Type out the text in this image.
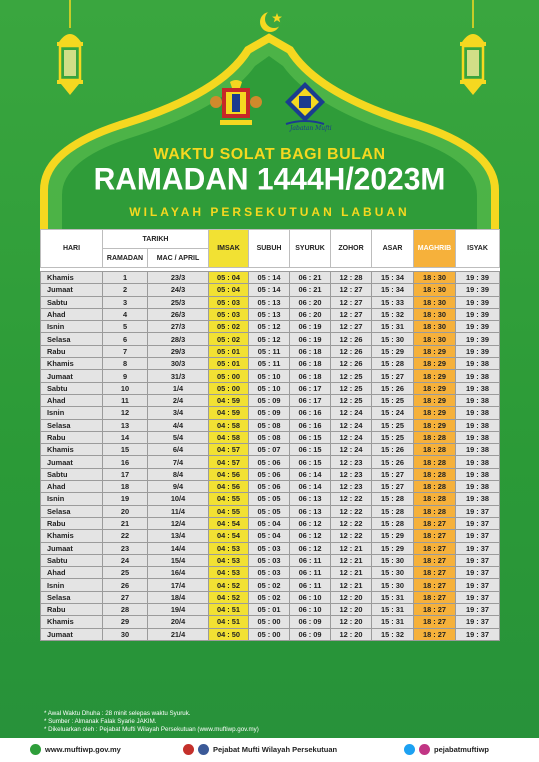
Jabatan Mufti
WAKTU SOLAT BAGI BULAN
RAMADAN 1444H/2023M
WILAYAH PERSEKUTUAN LABUAN
HARI	TARIKH		IMSAK	SUBUH	SYURUK	ZOHOR	ASAR	MAGHRIB	ISYAK
	RAMADAN	MAC / APRIL							

Khamis	1	23/3	05 : 04	05 : 14	06 : 21	12 : 28	15 : 34	18 : 30	19 : 39
Jumaat	2	24/3	05 : 04	05 : 14	06 : 21	12 : 27	15 : 34	18 : 30	19 : 39
Sabtu	3	25/3	05 : 03	05 : 13	06 : 20	12 : 27	15 : 33	18 : 30	19 : 39
Ahad	4	26/3	05 : 03	05 : 13	06 : 20	12 : 27	15 : 32	18 : 30	19 : 39
Isnin	5	27/3	05 : 02	05 : 12	06 : 19	12 : 27	15 : 31	18 : 30	19 : 39
Selasa	6	28/3	05 : 02	05 : 12	06 : 19	12 : 26	15 : 30	18 : 30	19 : 39
Rabu	7	29/3	05 : 01	05 : 11	06 : 18	12 : 26	15 : 29	18 : 29	19 : 39
Khamis	8	30/3	05 : 01	05 : 11	06 : 18	12 : 26	15 : 28	18 : 29	19 : 38
Jumaat	9	31/3	05 : 00	05 : 10	06 : 18	12 : 25	15 : 27	18 : 29	19 : 38
Sabtu	10	1/4	05 : 00	05 : 10	06 : 17	12 : 25	15 : 26	18 : 29	19 : 38
Ahad	11	2/4	04 : 59	05 : 09	06 : 17	12 : 25	15 : 25	18 : 29	19 : 38
Isnin	12	3/4	04 : 59	05 : 09	06 : 16	12 : 24	15 : 24	18 : 29	19 : 38
Selasa	13	4/4	04 : 58	05 : 08	06 : 16	12 : 24	15 : 25	18 : 29	19 : 38
Rabu	14	5/4	04 : 58	05 : 08	06 : 15	12 : 24	15 : 25	18 : 28	19 : 38
Khamis	15	6/4	04 : 57	05 : 07	06 : 15	12 : 24	15 : 26	18 : 28	19 : 38
Jumaat	16	7/4	04 : 57	05 : 06	06 : 15	12 : 23	15 : 26	18 : 28	19 : 38
Sabtu	17	8/4	04 : 56	05 : 06	06 : 14	12 : 23	15 : 27	18 : 28	19 : 38
Ahad	18	9/4	04 : 56	05 : 06	06 : 14	12 : 23	15 : 27	18 : 28	19 : 38
Isnin	19	10/4	04 : 55	05 : 05	06 : 13	12 : 22	15 : 28	18 : 28	19 : 38
Selasa	20	11/4	04 : 55	05 : 05	06 : 13	12 : 22	15 : 28	18 : 28	19 : 37
Rabu	21	12/4	04 : 54	05 : 04	06 : 12	12 : 22	15 : 28	18 : 27	19 : 37
Khamis	22	13/4	04 : 54	05 : 04	06 : 12	12 : 22	15 : 29	18 : 27	19 : 37
Jumaat	23	14/4	04 : 53	05 : 03	06 : 12	12 : 21	15 : 29	18 : 27	19 : 37
Sabtu	24	15/4	04 : 53	05 : 03	06 : 11	12 : 21	15 : 30	18 : 27	19 : 37
Ahad	25	16/4	04 : 53	05 : 03	06 : 11	12 : 21	15 : 30	18 : 27	19 : 37
Isnin	26	17/4	04 : 52	05 : 02	06 : 11	12 : 21	15 : 30	18 : 27	19 : 37
Selasa	27	18/4	04 : 52	05 : 02	06 : 10	12 : 20	15 : 31	18 : 27	19 : 37
Rabu	28	19/4	04 : 51	05 : 01	06 : 10	12 : 20	15 : 31	18 : 27	19 : 37
Khamis	29	20/4	04 : 51	05 : 00	06 : 09	12 : 20	15 : 31	18 : 27	19 : 37
Jumaat	30	21/4	04 : 50	05 : 00	06 : 09	12 : 20	15 : 32	18 : 27	19 : 37
* Awal Waktu Dhuha : 28 minit selepas waktu Syuruk.
* Sumber : Almanak Falak Syarie JAKIM.
* Dikeluarkan oleh : Pejabat Mufti Wilayah Persekutuan (www.muftiwp.gov.my)
www.muftiwp.gov.my	Pejabat Mufti Wilayah Persekutuan	pejabatmuftiwp
